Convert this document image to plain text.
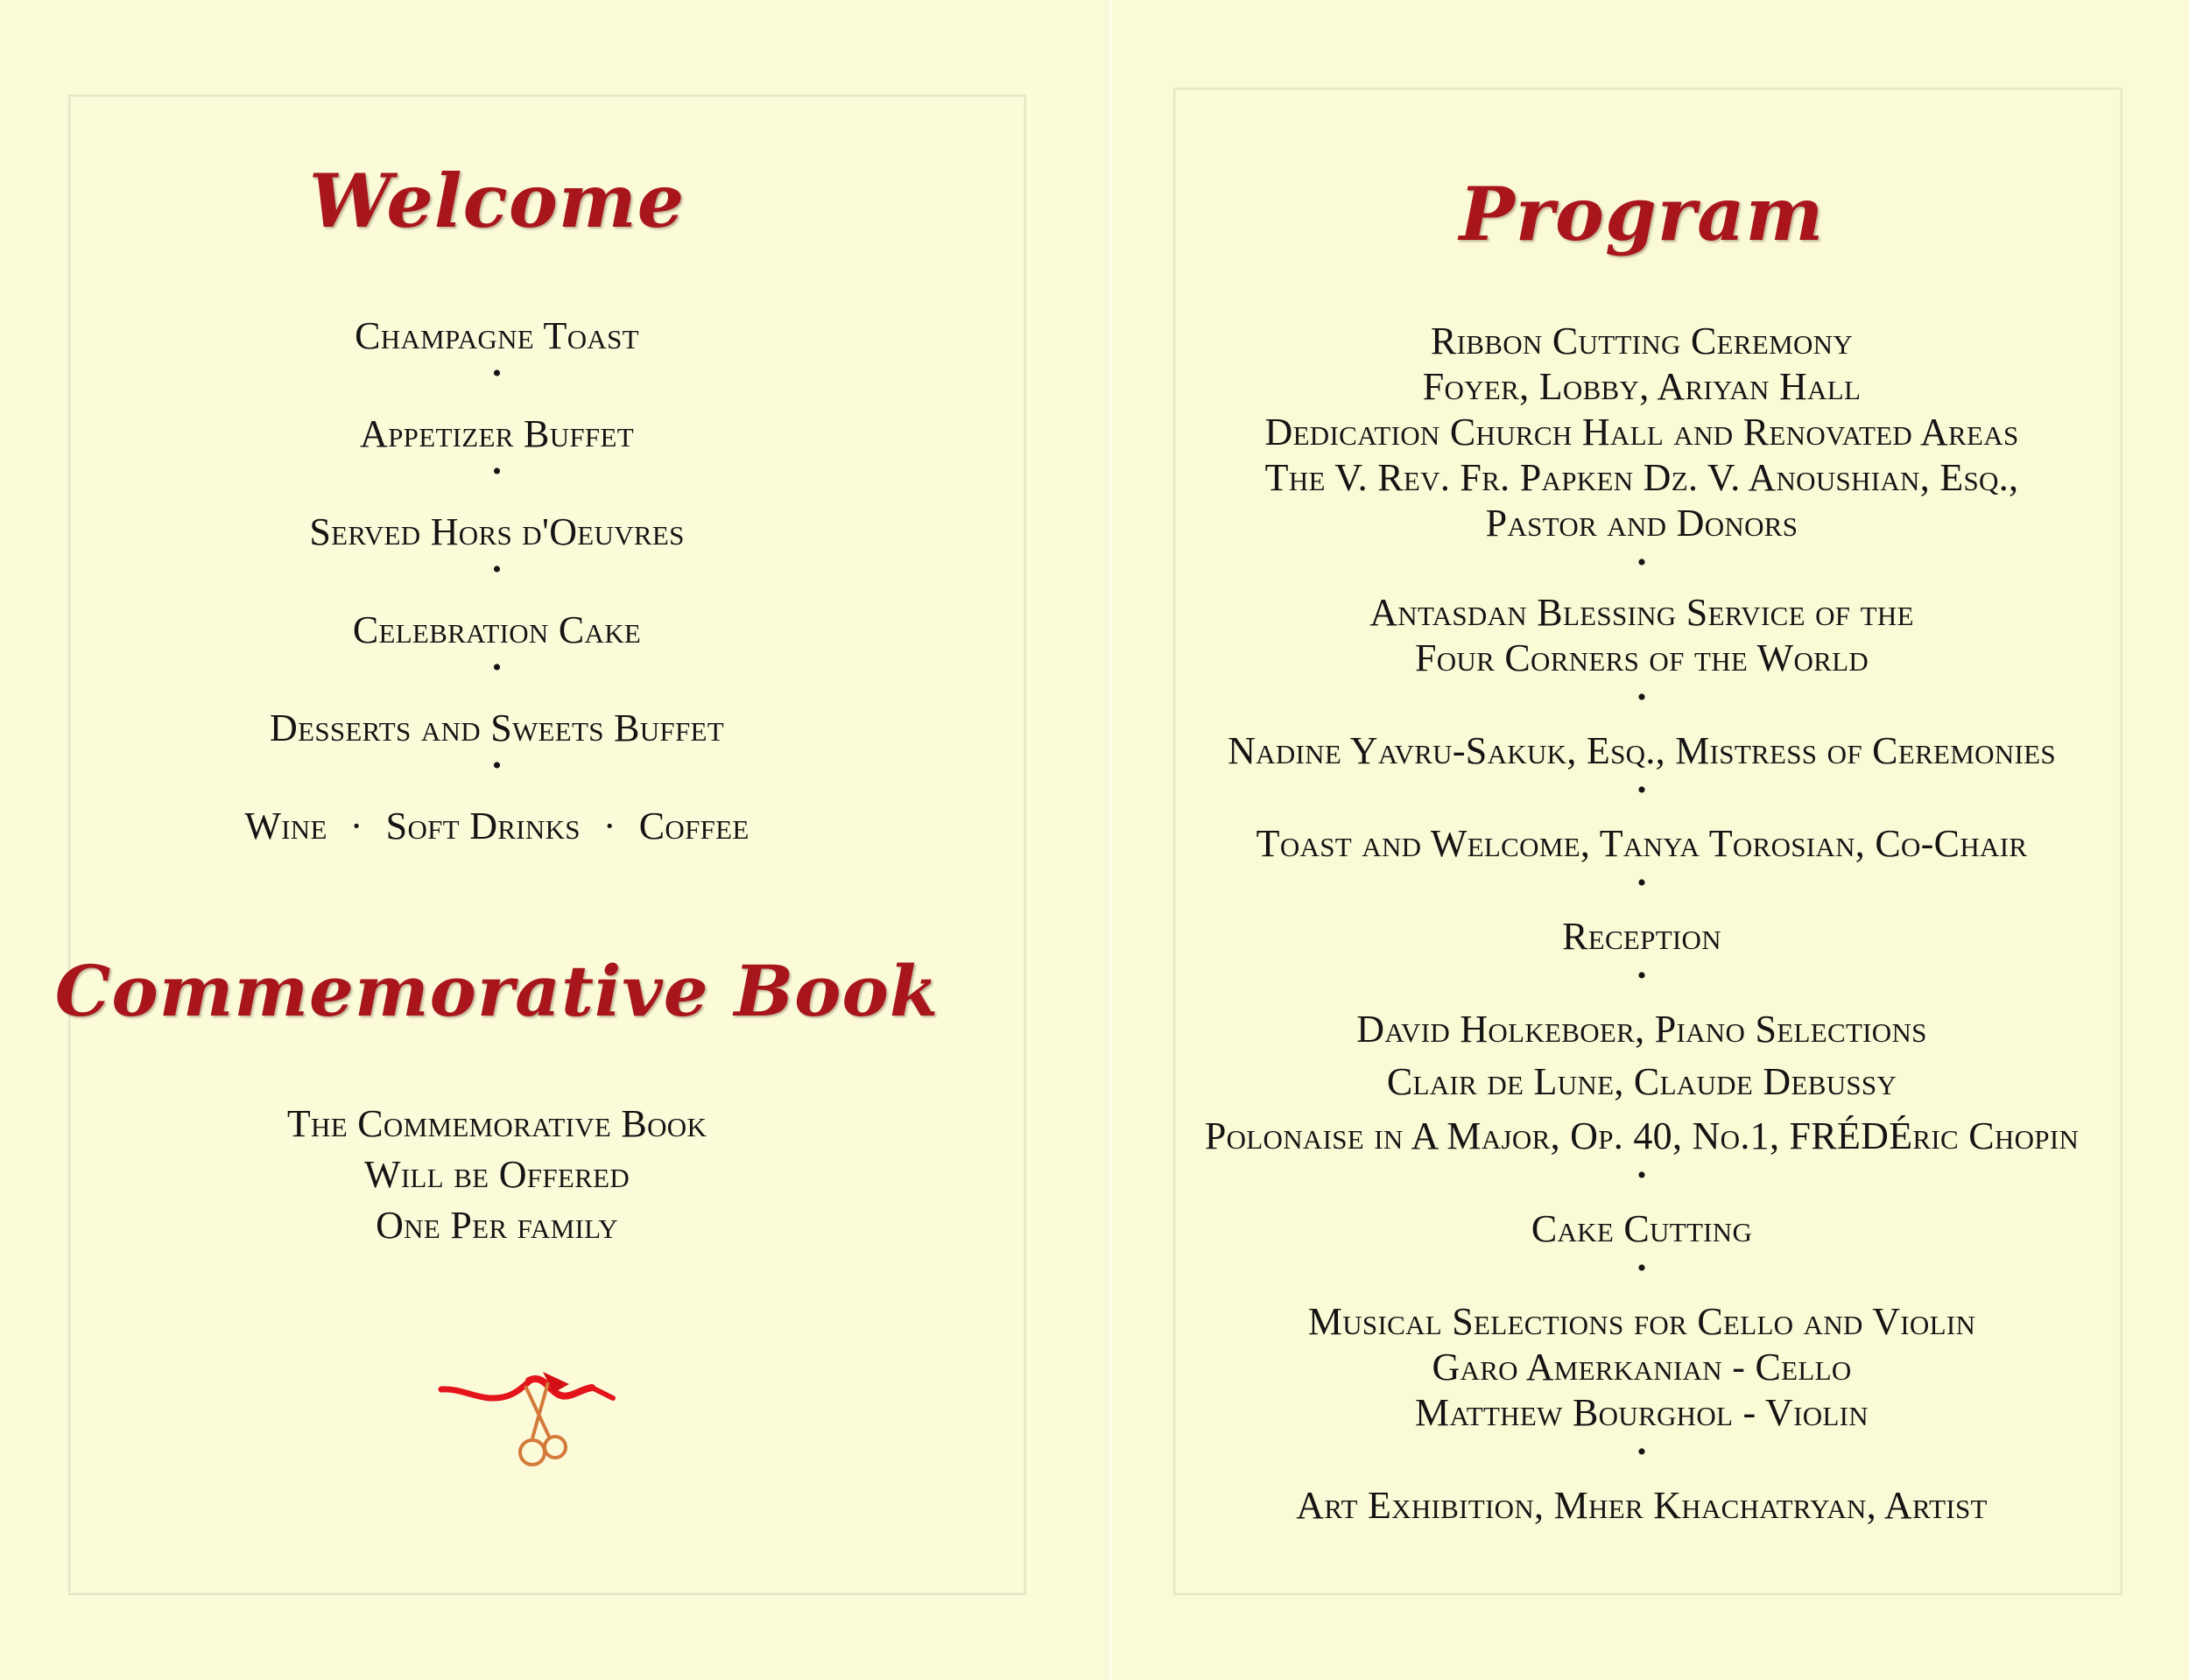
Welcome
Champagne Toast
•
Appetizer Buffet
•
Served Hors d'Oeuvres
•
Celebration Cake
•
Desserts and Sweets Buffet
•
Wine · Soft Drinks · Coffee
Commemorative Book
The Commemorative Book
Will be Offered
One Per family
Program
Ribbon Cutting Ceremony
Foyer, Lobby, Ariyan Hall
Dedication Church Hall and Renovated Areas
The V. Rev. Fr. Papken Dz. V. Anoushian, Esq.,
Pastor and Donors
•
Antasdan Blessing Service of the
Four Corners of the World
•
Nadine Yavru-Sakuk, Esq., Mistress of Ceremonies
•
Toast and Welcome, Tanya Torosian, Co-Chair
•
Reception
•
David Holkeboer, Piano Selections
Clair de Lune, Claude Debussy
Polonaise in A Major, Op. 40, No.1, FRÉDÉric Chopin
•
Cake Cutting
•
Musical Selections for Cello and Violin
Garo Amerkanian - Cello
Matthew Bourghol - Violin
•
Art Exhibition, Mher Khachatryan, Artist
